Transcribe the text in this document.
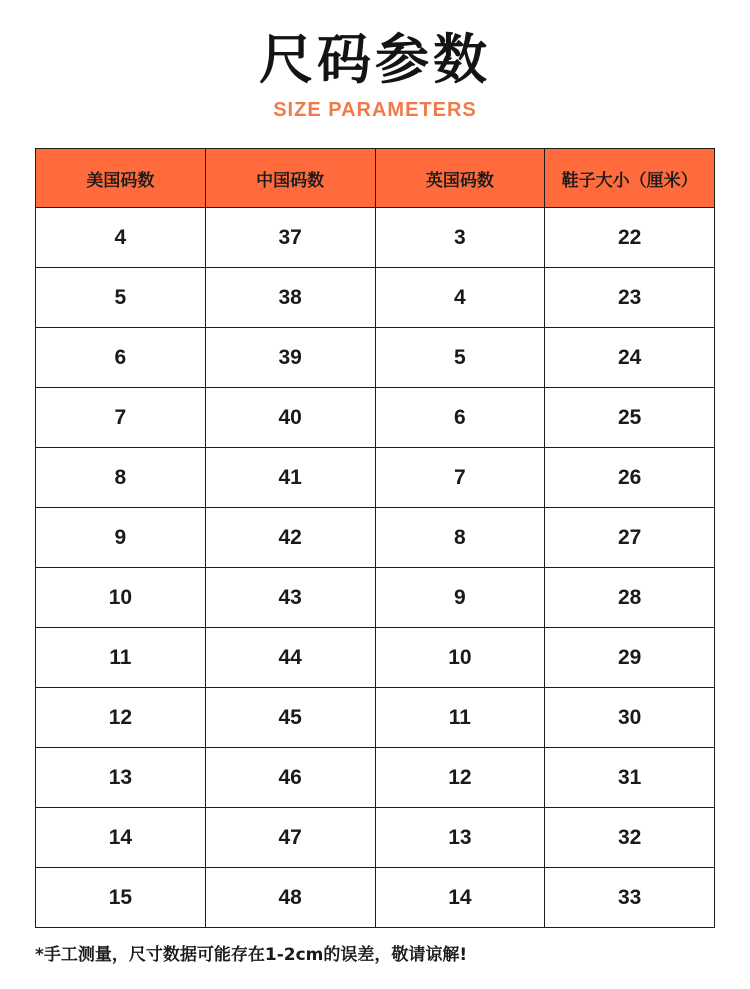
尺码参数
SIZE PARAMETERS
美国码数	中国码数	英国码数	鞋子大小（厘米）
4	37	3	22
5	38	4	23
6	39	5	24
7	40	6	25
8	41	7	26
9	42	8	27
10	43	9	28
11	44	10	29
12	45	11	30
13	46	12	31
14	47	13	32
15	48	14	33
*手工测量，尺寸数据可能存在1-2cm的误差，敬请谅解!
